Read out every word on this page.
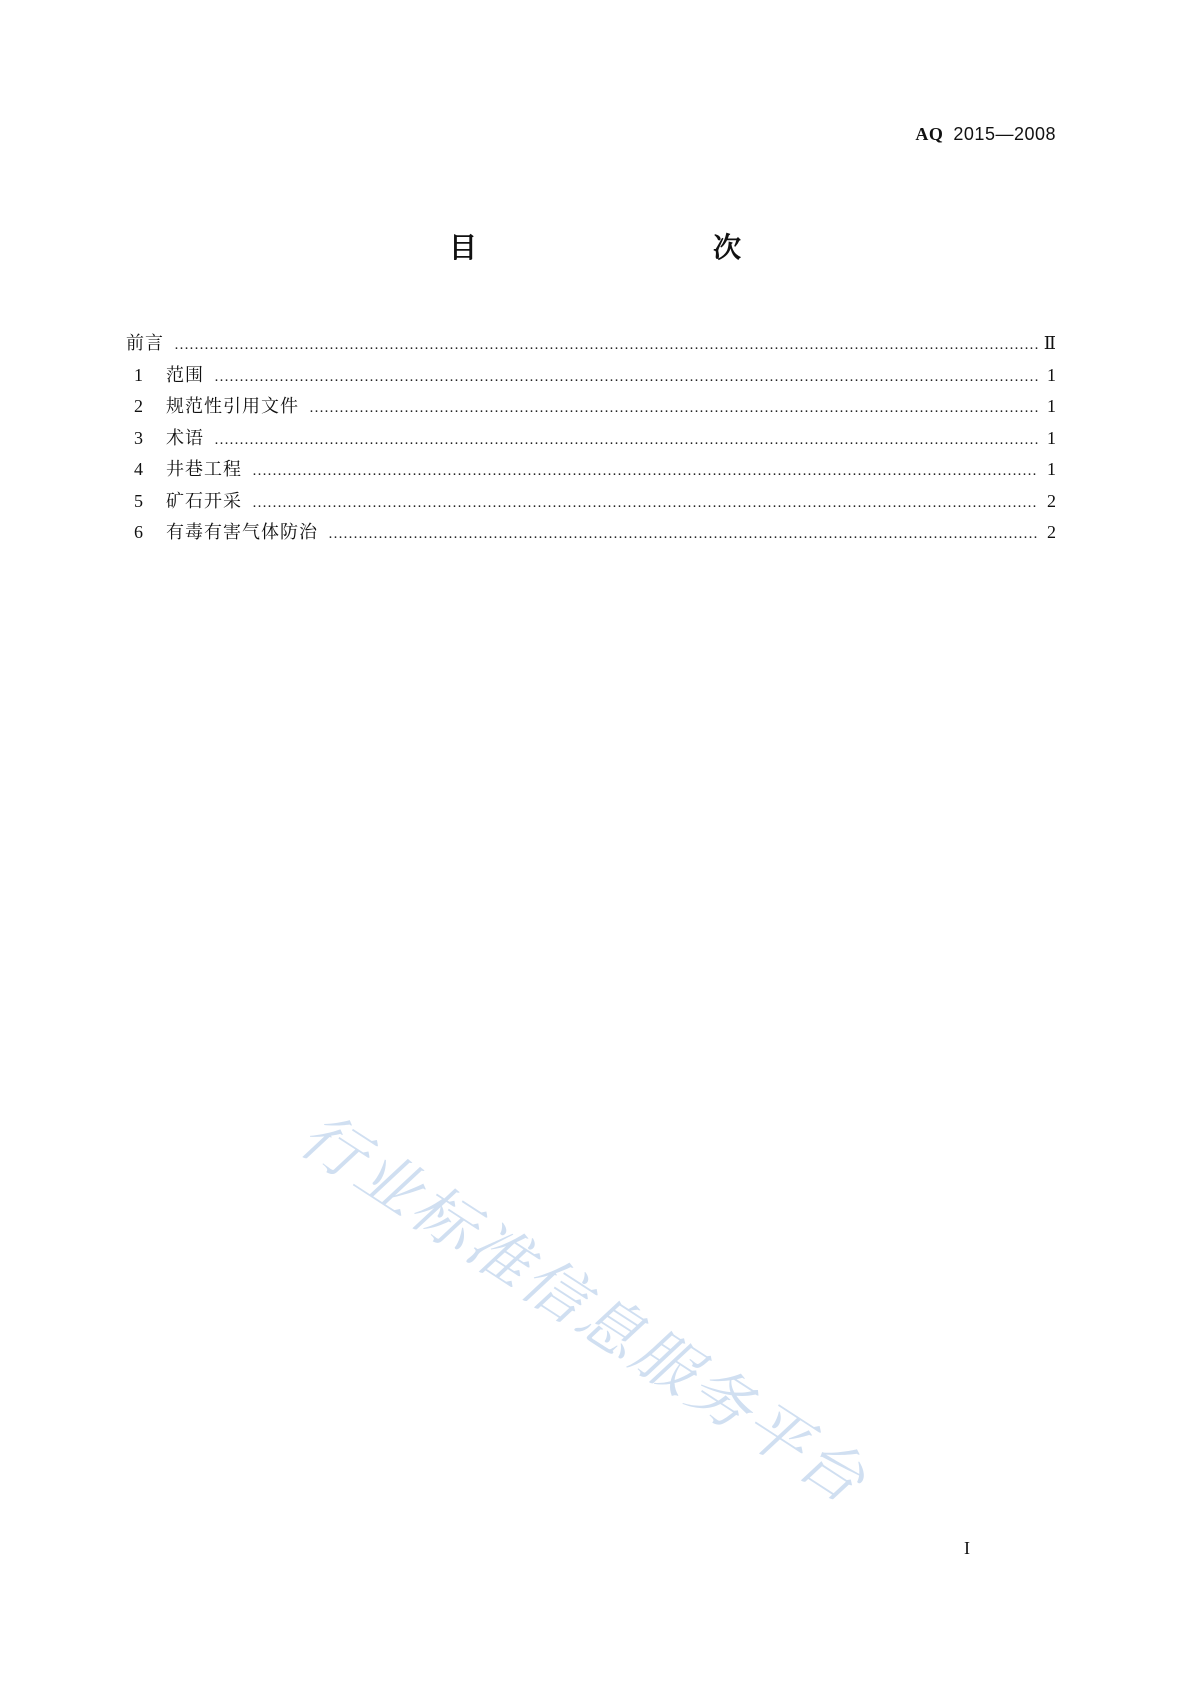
AQ 2015—2008
目　　次
前言 ………………………………………………………………………………………………………………………………………………………………………………	Ⅱ
1	范围 ………………………………………………………………………………………………………………………………………………………………………………	1
2	规范性引用文件 ………………………………………………………………………………………………………………………………………………………………………………	1
3	术语 ………………………………………………………………………………………………………………………………………………………………………………	1
4	井巷工程 ………………………………………………………………………………………………………………………………………………………………………………	1
5	矿石开采 ………………………………………………………………………………………………………………………………………………………………………………	2
6	有毒有害气体防治 ………………………………………………………………………………………………………………………………………………………………………………	2
行业标准信息服务平台
I
